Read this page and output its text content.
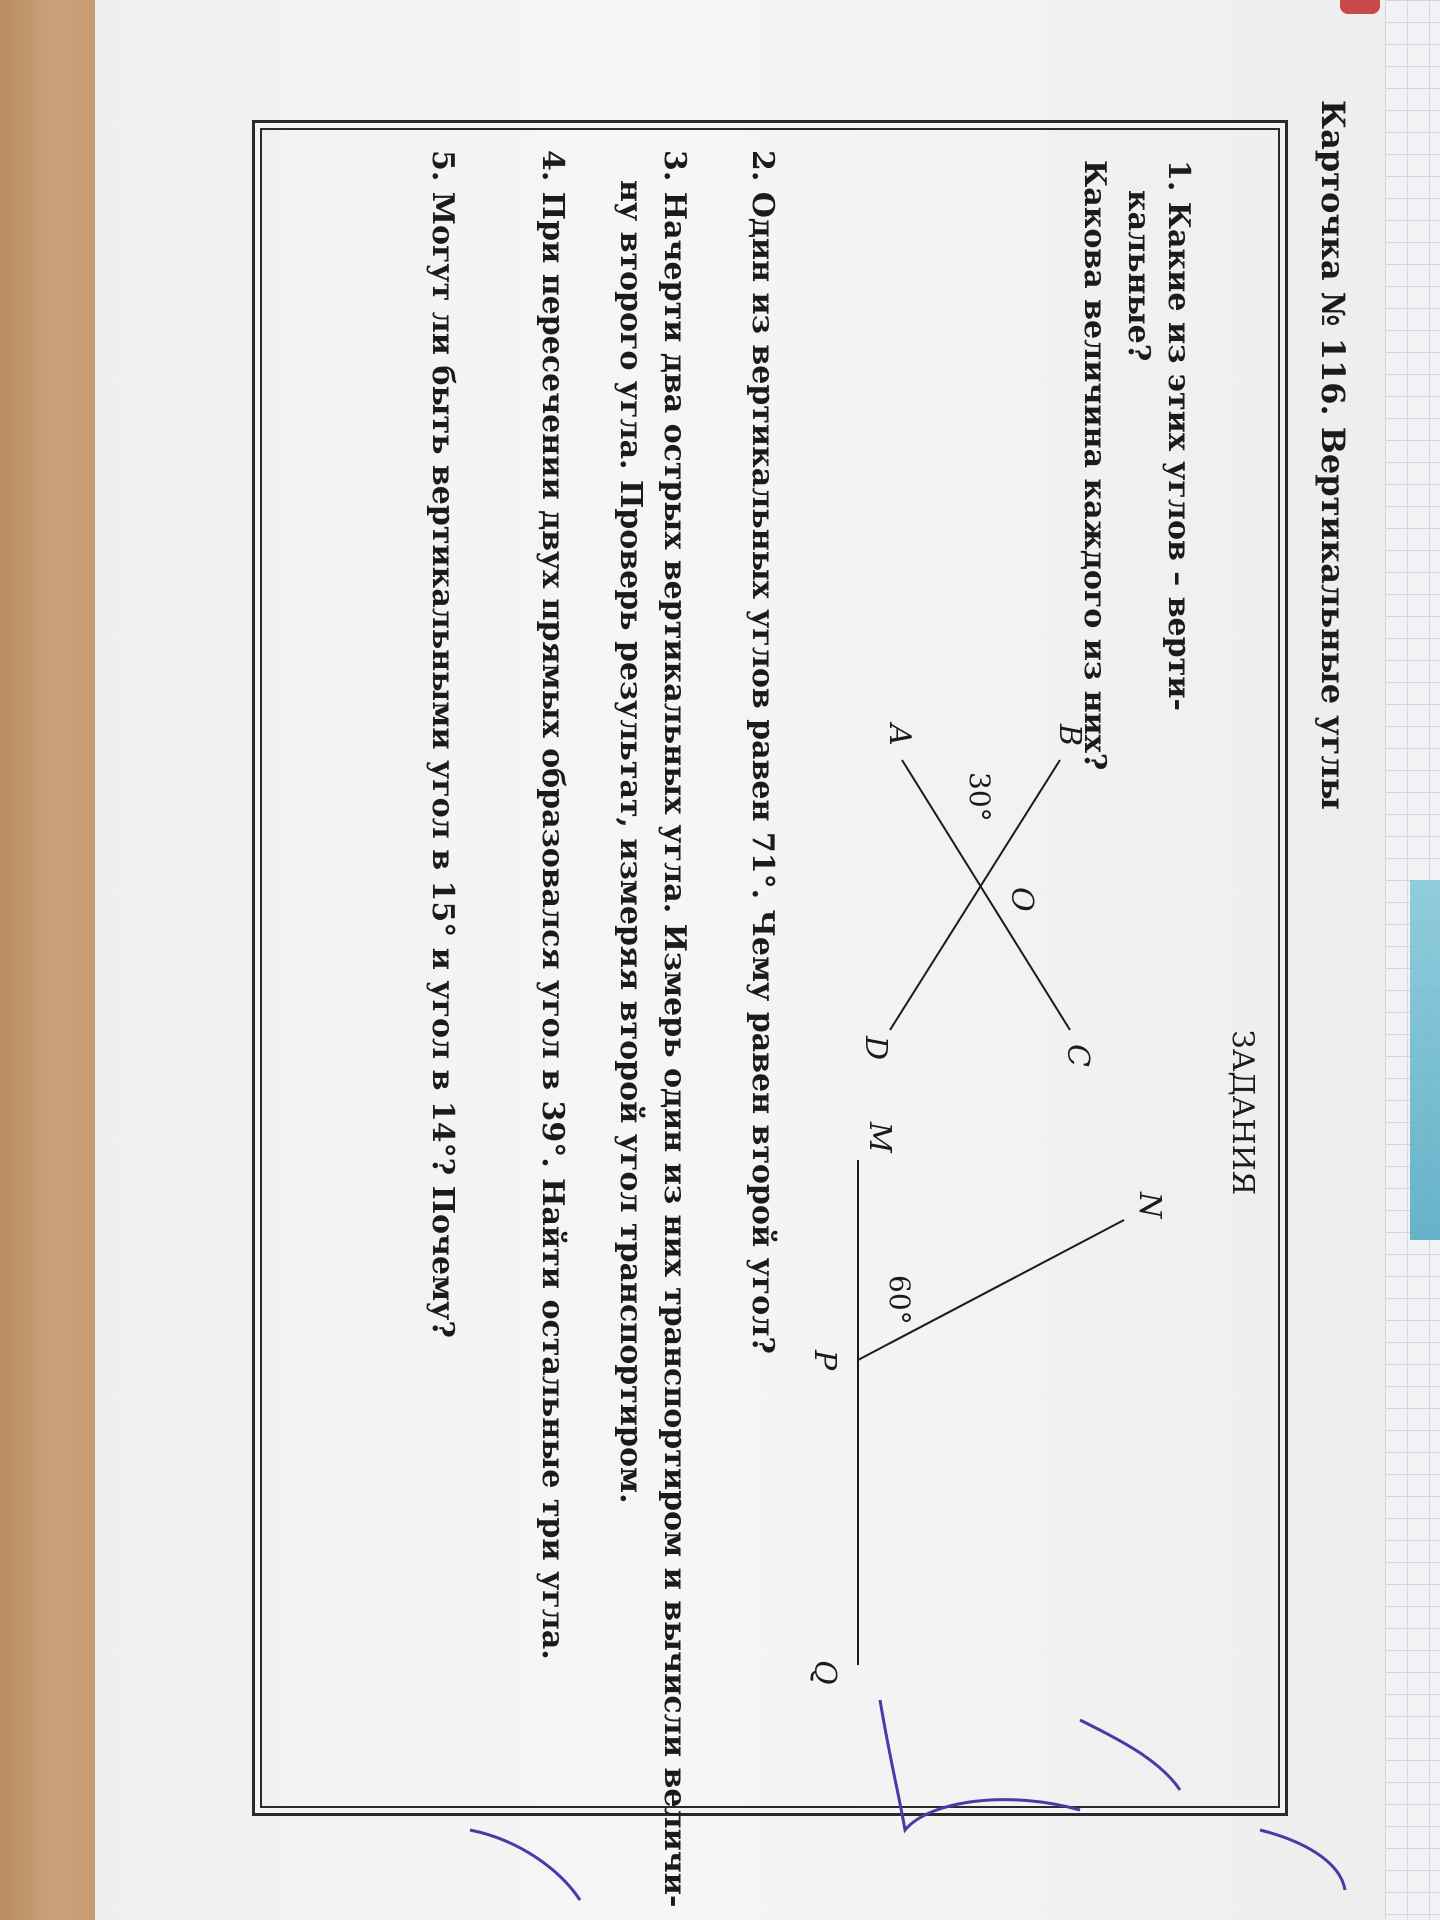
Карточка № 116. Вертикальные углы
ЗАДАНИЯ
1. Какие из этих углов – верти-
кальные?
Какова величина каждого из них?
B
A
C
D
O
30°
N
M
P
Q
60°
2. Один из вертикальных углов равен 71°. Чему равен второй угол?
3. Начерти два острых вертикальных угла. Измерь один из них транспортиром и вычисли величи-
ну второго угла. Проверь результат, измеряя второй угол транспортиром.
4. При пересечении двух прямых образовался угол в 39°. Найти остальные три угла.
5. Могут ли быть вертикальными угол в 15° и угол в 14°? Почему?
